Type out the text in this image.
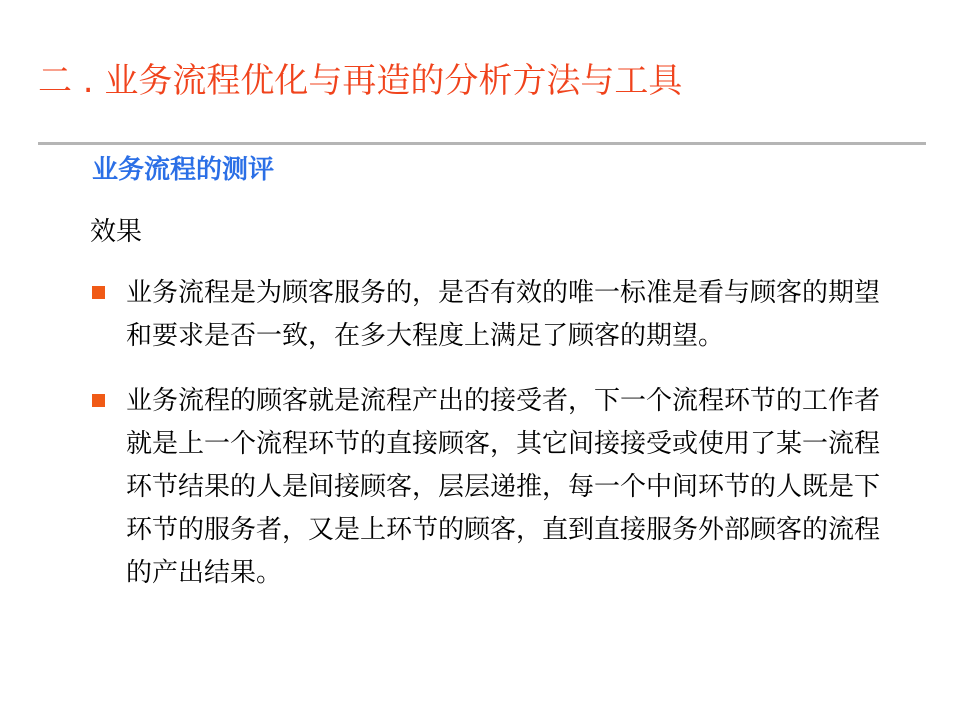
二 . 业务流程优化与再造的分析方法与工具
业务流程的测评
效果
业务流程是为顾客服务的，是否有效的唯一标准是看与顾客的期望和要求是否一致，在多大程度上满足了顾客的期望。
业务流程的顾客就是流程产出的接受者，下一个流程环节的工作者就是上一个流程环节的直接顾客，其它间接接受或使用了某一流程环节结果的人是间接顾客，层层递推，每一个中间环节的人既是下环节的服务者，又是上环节的顾客，直到直接服务外部顾客的流程的产出结果。
